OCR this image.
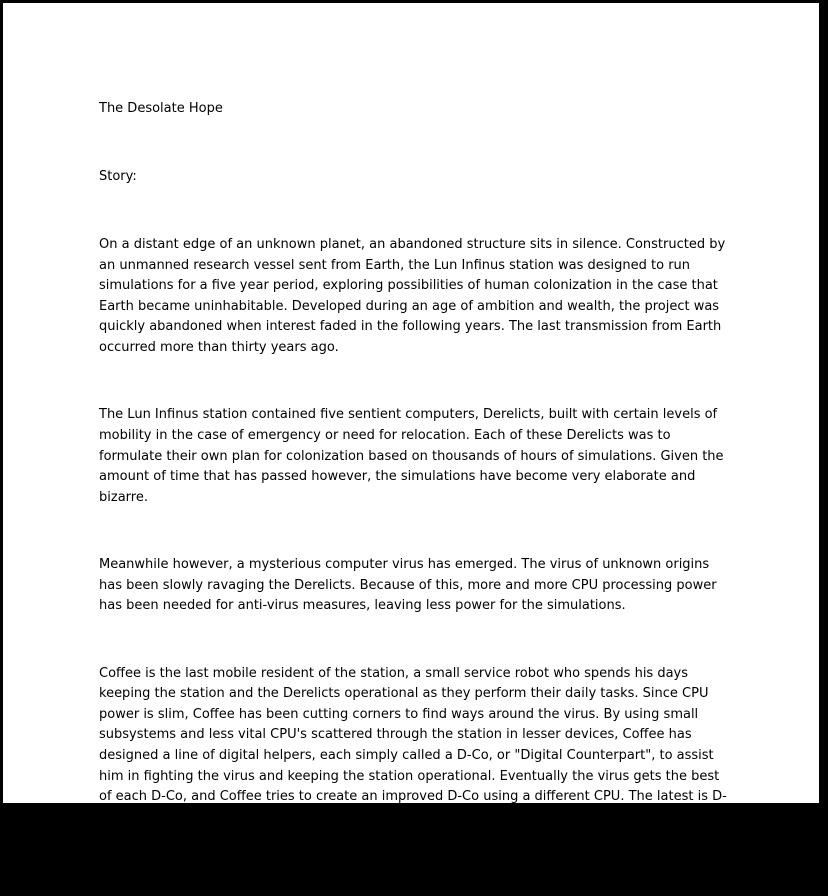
The Desolate Hope

Story:

On a distant edge of an unknown planet, an abandoned structure sits in silence. Constructed by an unmanned research vessel sent from Earth, the Lun Infinus station was designed to run simulations for a five year period, exploring possibilities of human colonization in the case that Earth became uninhabitable. Developed during an age of ambition and wealth, the project was quickly abandoned when interest faded in the following years. The last transmission from Earth occurred more than thirty years ago.

The Lun Infinus station contained five sentient computers, Derelicts, built with certain levels of mobility in the case of emergency or need for relocation. Each of these Derelicts was to formulate their own plan for colonization based on thousands of hours of simulations. Given the amount of time that has passed however, the simulations have become very elaborate and bizarre.

Meanwhile however, a mysterious computer virus has emerged. The virus of unknown origins has been slowly ravaging the Derelicts. Because of this, more and more CPU processing power has been needed for anti-virus measures, leaving less power for the simulations.

Coffee is the last mobile resident of the station, a small service robot who spends his days keeping the station and the Derelicts operational as they perform their daily tasks. Since CPU power is slim, Coffee has been cutting corners to find ways around the virus. By using small subsystems and less vital CPU's scattered through the station in lesser devices, Coffee has designed a line of digital helpers, each simply called a D-Co, or "Digital Counterpart", to assist him in fighting the virus and keeping the station operational. Eventually the virus gets the best of each D-Co, and Coffee tries to create an improved D-Co using a different CPU. The latest is D-Co 9, built using the code of a simple computer game. Coffee dedicated this new CPU to be used for the anti-virus. However, this D-Co is doomed from the birth when
